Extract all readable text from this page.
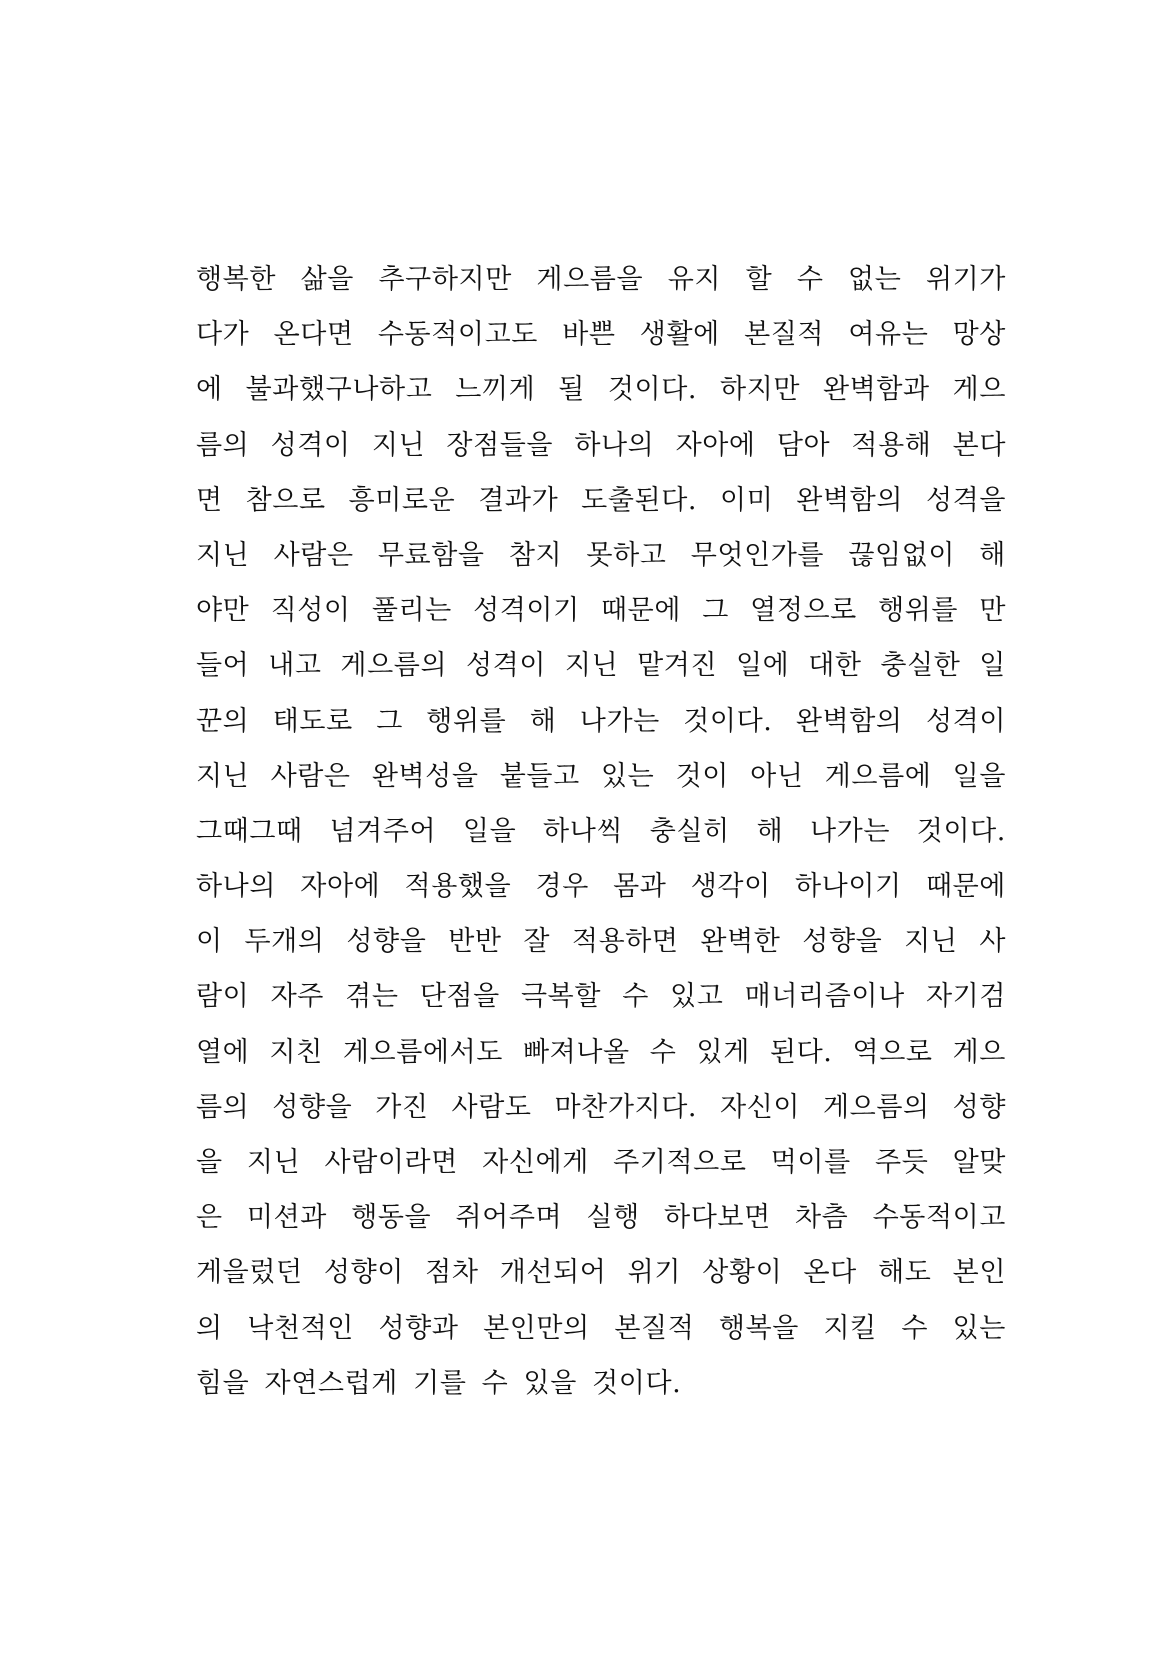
행복한 삶을 추구하지만 게으름을 유지 할 수 없는 위기가
다가 온다면 수동적이고도 바쁜 생활에 본질적 여유는 망상
에 불과했구나하고 느끼게 될 것이다. 하지만 완벽함과 게으
름의 성격이 지닌 장점들을 하나의 자아에 담아 적용해 본다
면 참으로 흥미로운 결과가 도출된다. 이미 완벽함의 성격을
지닌 사람은 무료함을 참지 못하고 무엇인가를 끊임없이 해
야만 직성이 풀리는 성격이기 때문에 그 열정으로 행위를 만
들어 내고 게으름의 성격이 지닌 맡겨진 일에 대한 충실한 일
꾼의 태도로 그 행위를 해 나가는 것이다. 완벽함의 성격이
지닌 사람은 완벽성을 붙들고 있는 것이 아닌 게으름에 일을
그때그때 넘겨주어 일을 하나씩 충실히 해 나가는 것이다.
하나의 자아에 적용했을 경우 몸과 생각이 하나이기 때문에
이 두개의 성향을 반반 잘 적용하면 완벽한 성향을 지닌 사
람이 자주 겪는 단점을 극복할 수 있고 매너리즘이나 자기검
열에 지친 게으름에서도 빠져나올 수 있게 된다. 역으로 게으
름의 성향을 가진 사람도 마찬가지다. 자신이 게으름의 성향
을 지닌 사람이라면 자신에게 주기적으로 먹이를 주듯 알맞
은 미션과 행동을 쥐어주며 실행 하다보면 차츰 수동적이고
게을렀던 성향이 점차 개선되어 위기 상황이 온다 해도 본인
의 낙천적인 성향과 본인만의 본질적 행복을 지킬 수 있는
힘을 자연스럽게 기를 수 있을 것이다.
